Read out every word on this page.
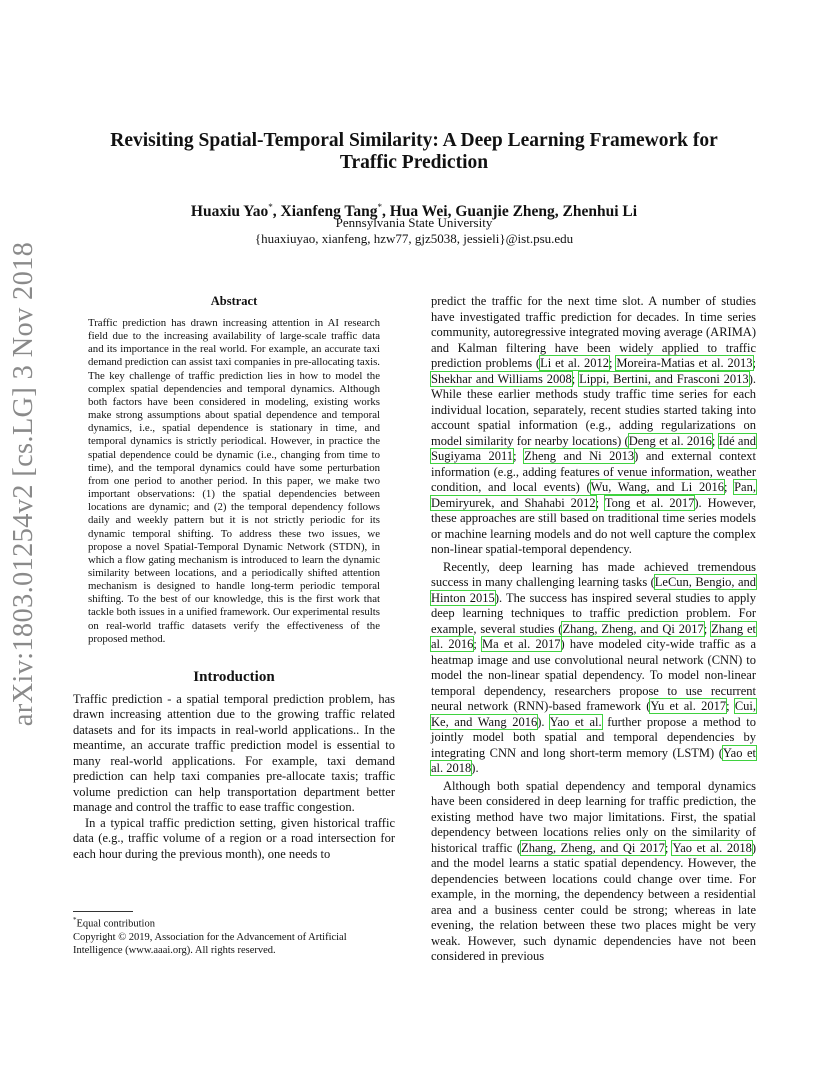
arXiv:1803.01254v2 [cs.LG] 3 Nov 2018
Revisiting Spatial-Temporal Similarity: A Deep Learning Framework for Traffic Prediction
Huaxiu Yao*, Xianfeng Tang*, Hua Wei, Guanjie Zheng, Zhenhui Li
Pennsylvania State University
{huaxiuyao, xianfeng, hzw77, gjz5038, jessieli}@ist.psu.edu
Abstract
Traffic prediction has drawn increasing attention in AI research field due to the increasing availability of large-scale traffic data and its importance in the real world. For example, an accurate taxi demand prediction can assist taxi companies in pre-allocating taxis. The key challenge of traffic prediction lies in how to model the complex spatial dependencies and temporal dynamics. Although both factors have been considered in modeling, existing works make strong assumptions about spatial dependence and temporal dynamics, i.e., spatial dependence is stationary in time, and temporal dynamics is strictly periodical. However, in practice the spatial dependence could be dynamic (i.e., changing from time to time), and the temporal dynamics could have some perturbation from one period to another period. In this paper, we make two important observations: (1) the spatial dependencies between locations are dynamic; and (2) the temporal dependency follows daily and weekly pattern but it is not strictly periodic for its dynamic temporal shifting. To address these two issues, we propose a novel Spatial-Temporal Dynamic Network (STDN), in which a flow gating mechanism is introduced to learn the dynamic similarity between locations, and a periodically shifted attention mechanism is designed to handle long-term periodic temporal shifting. To the best of our knowledge, this is the first work that tackle both issues in a unified framework. Our experimental results on real-world traffic datasets verify the effectiveness of the proposed method.
Introduction

Traffic prediction - a spatial temporal prediction problem, has drawn increasing attention due to the growing traffic related datasets and for its impacts in real-world applications.. In the meantime, an accurate traffic prediction model is essential to many real-world applications. For example, taxi demand prediction can help taxi companies pre-allocate taxis; traffic volume prediction can help transportation department better manage and control the traffic to ease traffic congestion.

In a typical traffic prediction setting, given historical traffic data (e.g., traffic volume of a region or a road intersection for each hour during the previous month), one needs to

predict the traffic for the next time slot. A number of studies have investigated traffic prediction for decades. In time series community, autoregressive integrated moving average (ARIMA) and Kalman filtering have been widely applied to traffic prediction problems (Li et al. 2012; Moreira-Matias et al. 2013; Shekhar and Williams 2008; Lippi, Bertini, and Frasconi 2013). While these earlier methods study traffic time series for each individual location, separately, recent studies started taking into account spatial information (e.g., adding regularizations on model similarity for nearby locations) (Deng et al. 2016; Idé and Sugiyama 2011; Zheng and Ni 2013) and external context information (e.g., adding features of venue information, weather condition, and local events) (Wu, Wang, and Li 2016; Pan, Demiryurek, and Shahabi 2012; Tong et al. 2017). However, these approaches are still based on traditional time series models or machine learning models and do not well capture the complex non-linear spatial-temporal dependency.

Recently, deep learning has made achieved tremendous success in many challenging learning tasks (LeCun, Bengio, and Hinton 2015). The success has inspired several studies to apply deep learning techniques to traffic prediction problem. For example, several studies (Zhang, Zheng, and Qi 2017; Zhang et al. 2016; Ma et al. 2017) have modeled city-wide traffic as a heatmap image and use convolutional neural network (CNN) to model the non-linear spatial dependency. To model non-linear temporal dependency, researchers propose to use recurrent neural network (RNN)-based framework (Yu et al. 2017; Cui, Ke, and Wang 2016). Yao et al. further propose a method to jointly model both spatial and temporal dependencies by integrating CNN and long short-term memory (LSTM) (Yao et al. 2018).

Although both spatial dependency and temporal dynamics have been considered in deep learning for traffic prediction, the existing method have two major limitations. First, the spatial dependency between locations relies only on the similarity of historical traffic (Zhang, Zheng, and Qi 2017; Yao et al. 2018) and the model learns a static spatial dependency. However, the dependencies between locations could change over time. For example, in the morning, the dependency between a residential area and a business center could be strong; whereas in late evening, the relation between these two places might be very weak. However, such dynamic dependencies have not been considered in previous

*Equal contribution
Copyright © 2019, Association for the Advancement of Artificial Intelligence (www.aaai.org). All rights reserved.
